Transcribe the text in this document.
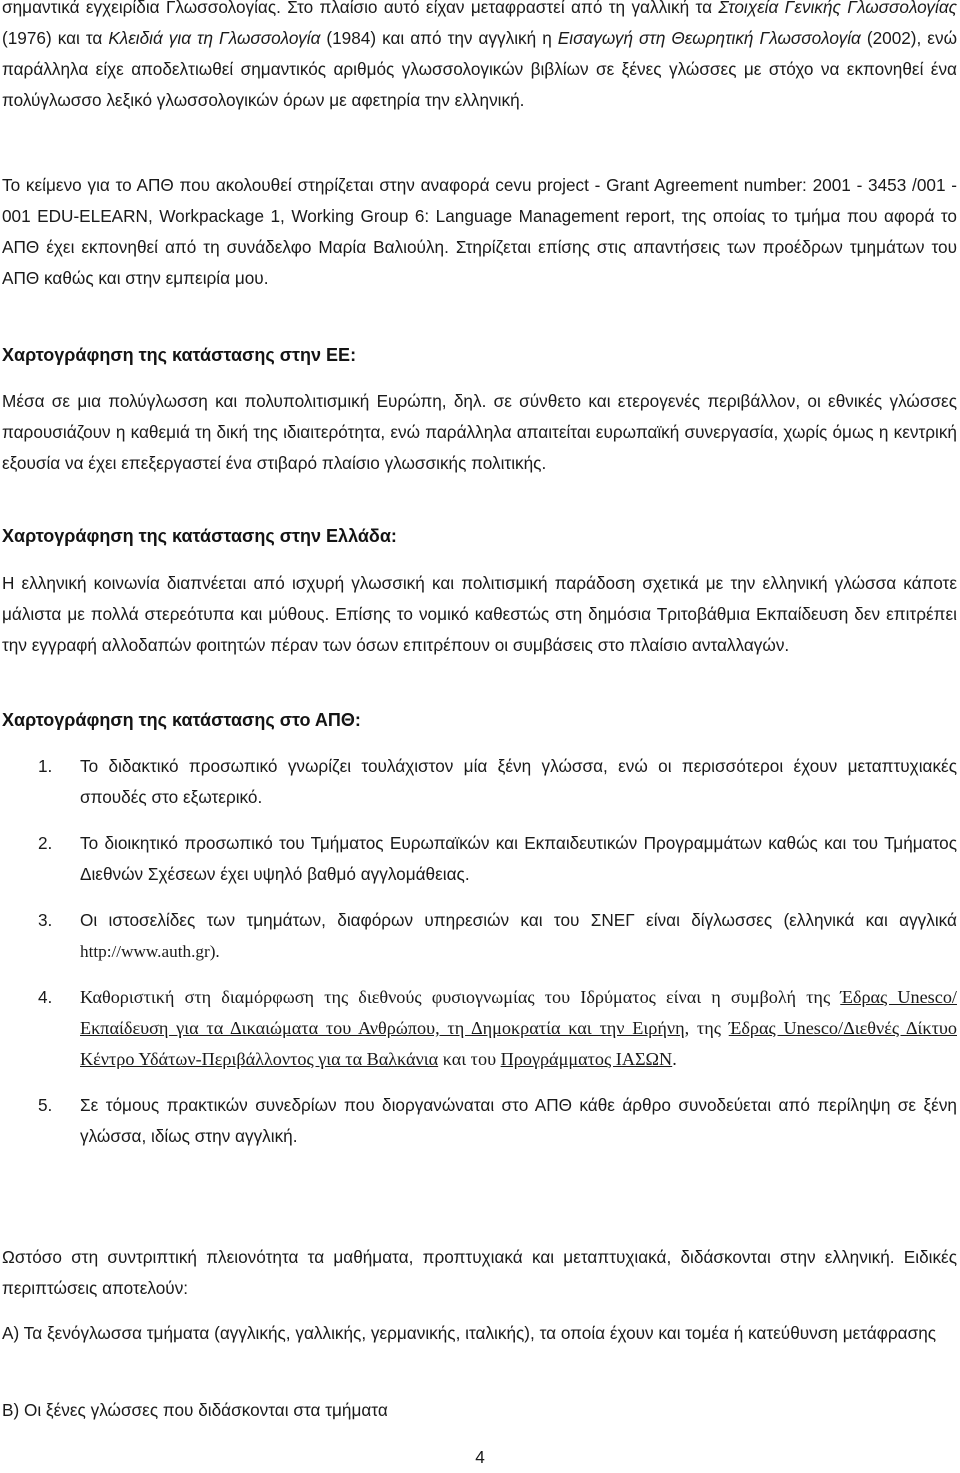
σημαντικά εγχειρίδια Γλωσσολογίας. Στο πλαίσιο αυτό είχαν μεταφραστεί από τη γαλλική τα Στοιχεία Γενικής Γλωσσολογίας (1976) και τα Κλειδιά για τη Γλωσσολογία (1984) και από την αγγλική η Εισαγωγή στη Θεωρητική Γλωσσολογία (2002), ενώ παράλληλα είχε αποδελτιωθεί σημαντικός αριθμός γλωσσολογικών βιβλίων σε ξένες γλώσσες με στόχο να εκπονηθεί ένα πολύγλωσσο λεξικό γλωσσολογικών όρων με αφετηρία την ελληνική.

Το κείμενο για το ΑΠΘ που ακολουθεί στηρίζεται στην αναφορά cevu project - Grant Agreement number: 2001 - 3453 /001 - 001 EDU-ELEARN, Workpackage 1, Working Group 6: Language Management report, της οποίας το τμήμα που αφορά το ΑΠΘ έχει εκπονηθεί από τη συνάδελφο Μαρία Βαλιούλη. Στηρίζεται επίσης στις απαντήσεις των προέδρων τμημάτων του ΑΠΘ καθώς και στην εμπειρία μου.

Χαρτογράφηση της κατάστασης στην ΕΕ:

Μέσα σε μια πολύγλωσση και πολυπολιτισμική Ευρώπη, δηλ. σε σύνθετο και ετερογενές περιβάλλον, οι εθνικές γλώσσες παρουσιάζουν η καθεμιά τη δική της ιδιαιτερότητα, ενώ παράλληλα απαιτείται ευρωπαϊκή συνεργασία, χωρίς όμως η κεντρική εξουσία να έχει επεξεργαστεί ένα στιβαρό πλαίσιο γλωσσικής πολιτικής.

Χαρτογράφηση της κατάστασης στην Ελλάδα:

Η ελληνική κοινωνία διαπνέεται από ισχυρή γλωσσική και πολιτισμική παράδοση σχετικά με την ελληνική γλώσσα κάποτε μάλιστα με πολλά στερεότυπα και μύθους. Επίσης το νομικό καθεστώς στη δημόσια Τριτοβάθμια Εκπαίδευση δεν επιτρέπει την εγγραφή αλλοδαπών φοιτητών πέραν των όσων επιτρέπουν οι συμβάσεις στο πλαίσιο ανταλλαγών.

Χαρτογράφηση της κατάστασης στο ΑΠΘ:
1. Το διδακτικό προσωπικό γνωρίζει τουλάχιστον μία ξένη γλώσσα, ενώ οι περισσότεροι έχουν μεταπτυχιακές σπουδές στο εξωτερικό.
2. Το διοικητικό προσωπικό του Τμήματος Ευρωπαϊκών και Εκπαιδευτικών Προγραμμάτων καθώς και του Τμήματος Διεθνών Σχέσεων έχει υψηλό βαθμό αγγλομάθειας.
3. Οι ιστοσελίδες των τμημάτων, διαφόρων υπηρεσιών και του ΣΝΕΓ είναι δίγλωσσες (ελληνικά και αγγλικά http://www.auth.gr).
4. Καθοριστική στη διαμόρφωση της διεθνούς φυσιογνωμίας του Ιδρύματος είναι η συμβολή της Έδρας Unesco/Εκπαίδευση για τα Δικαιώματα του Ανθρώπου, τη Δημοκρατία και την Ειρήνη, της Έδρας Unesco/Διεθνές Δίκτυο Κέντρο Υδάτων-Περιβάλλοντος για τα Βαλκάνια και του Προγράμματος ΙΑΣΩΝ.
5. Σε τόμους πρακτικών συνεδρίων που διοργανώναται στο ΑΠΘ κάθε άρθρο συνοδεύεται από περίληψη σε ξένη γλώσσα, ιδίως στην αγγλική.

Ωστόσο στη συντριπτική πλειονότητα τα μαθήματα, προπτυχιακά και μεταπτυχιακά, διδάσκονται στην ελληνική. Ειδικές περιπτώσεις αποτελούν:

Α) Τα ξενόγλωσσα τμήματα (αγγλικής, γαλλικής, γερμανικής, ιταλικής), τα οποία έχουν και τομέα ή κατεύθυνση μετάφρασης

Β) Οι ξένες γλώσσες που διδάσκονται στα τμήματα

4
